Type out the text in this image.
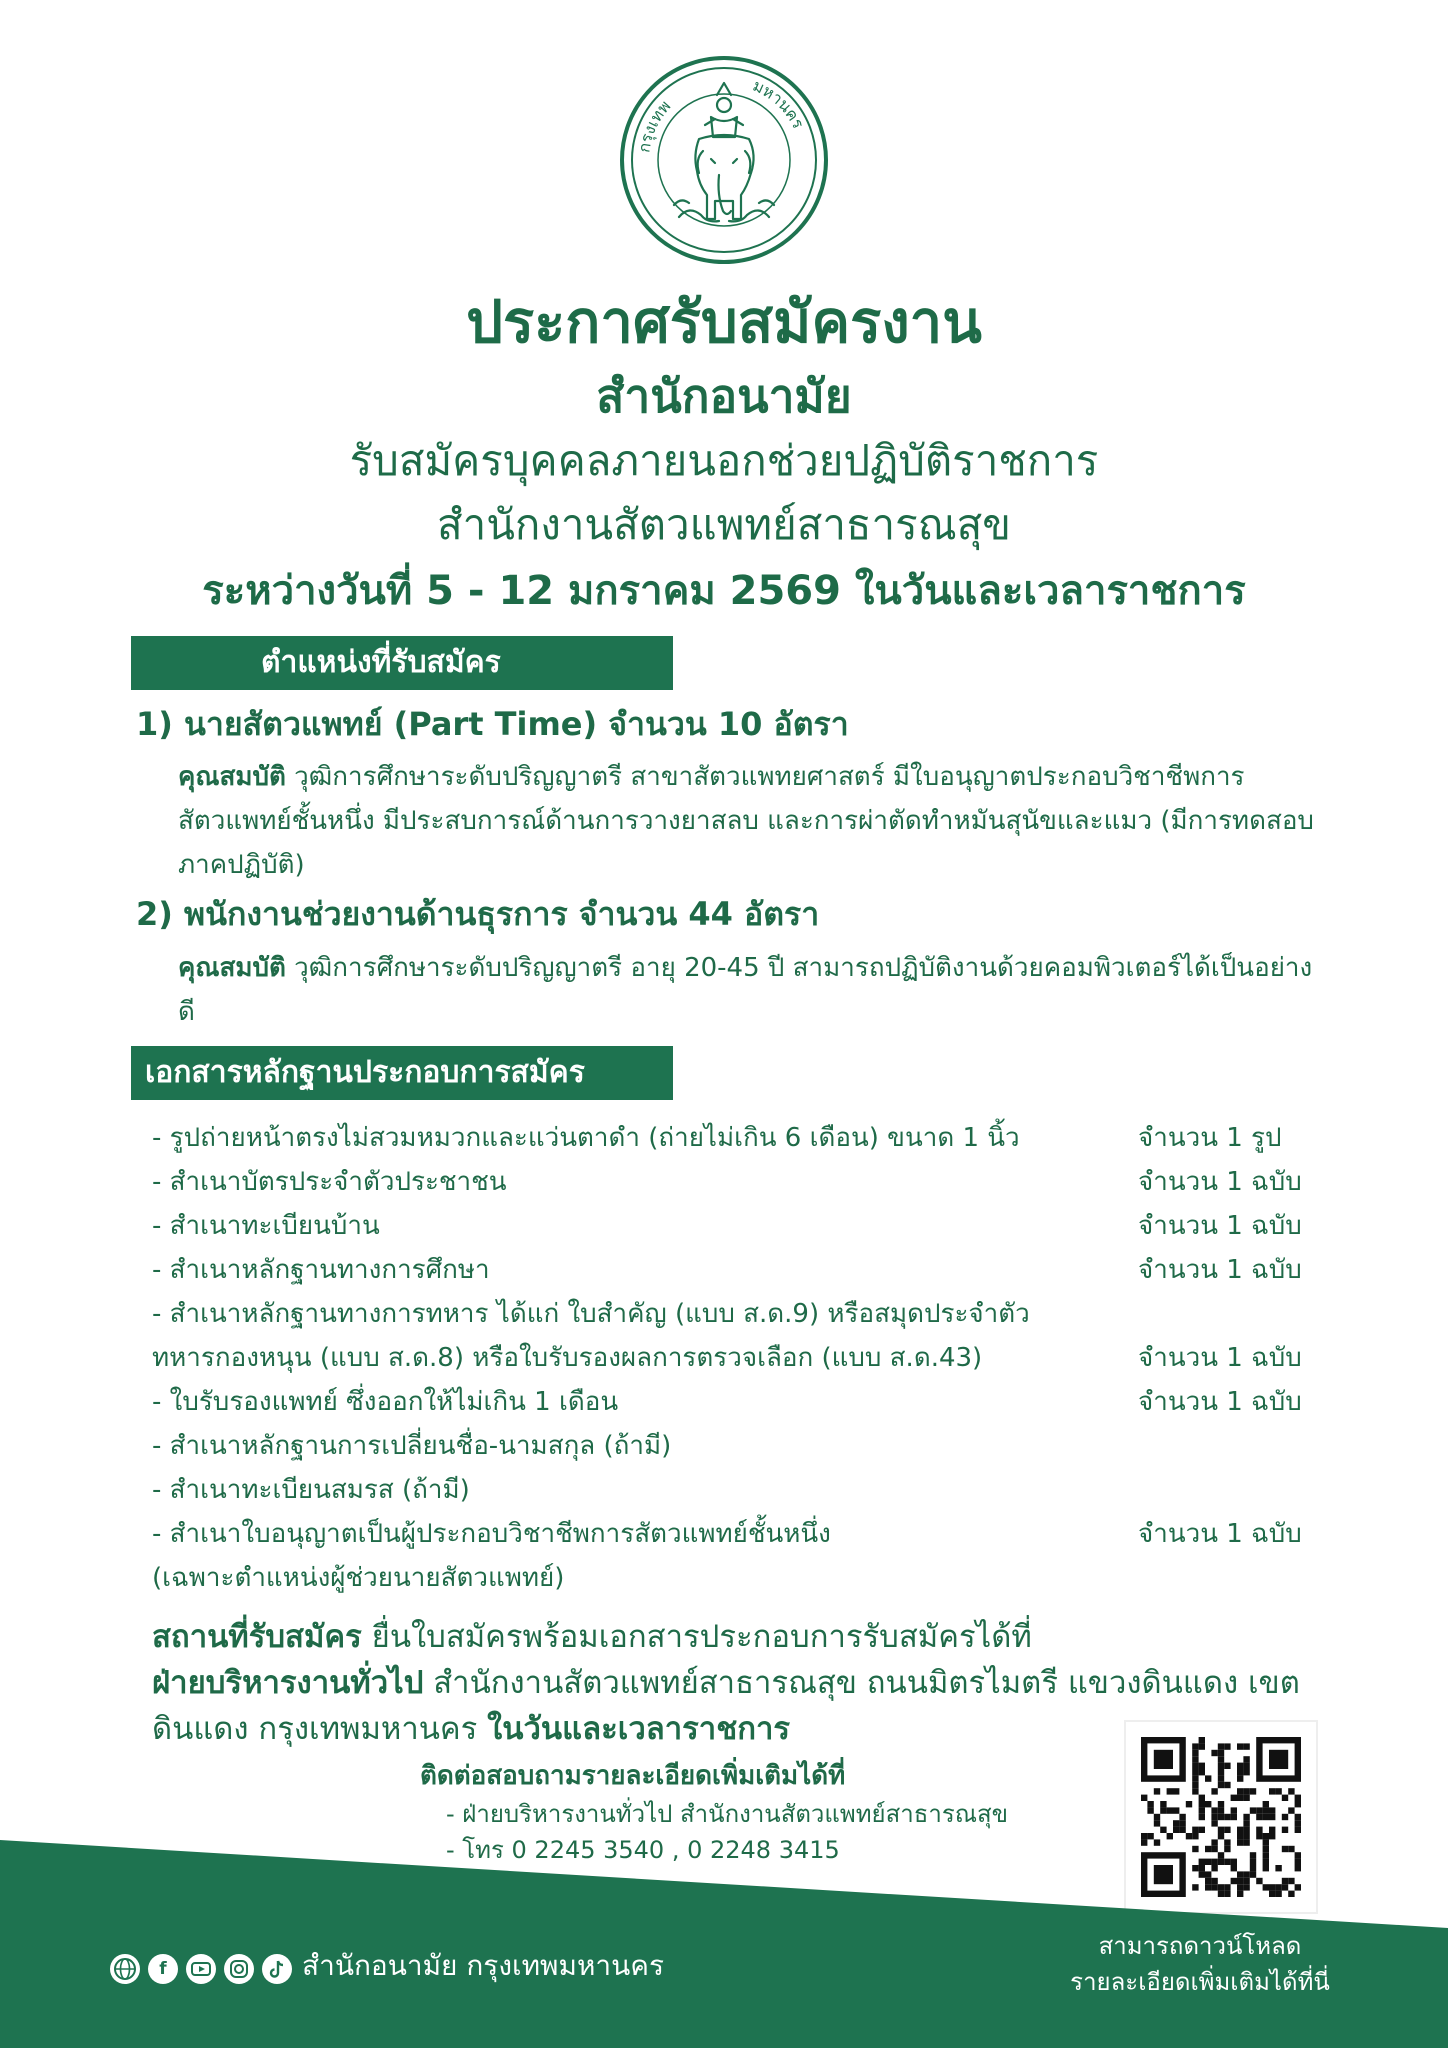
กรุงเทพ
มหานคร
ประกาศรับสมัครงาน
สำนักอนามัย
รับสมัครบุคคลภายนอกช่วยปฏิบัติราชการ
สำนักงานสัตวแพทย์สาธารณสุข
ระหว่างวันที่ 5 - 12 มกราคม 2569 ในวันและเวลาราชการ
ตำแหน่งที่รับสมัคร
1) นายสัตวแพทย์ (Part Time) จำนวน 10 อัตรา
คุณสมบัติ วุฒิการศึกษาระดับปริญญาตรี สาขาสัตวแพทยศาสตร์ มีใบอนุญาตประกอบวิชาชีพการสัตวแพทย์ชั้นหนึ่ง มีประสบการณ์ด้านการวางยาสลบ และการผ่าตัดทำหมันสุนัขและแมว (มีการทดสอบภาคปฏิบัติ)
2) พนักงานช่วยงานด้านธุรการ จำนวน 44 อัตรา
คุณสมบัติ วุฒิการศึกษาระดับปริญญาตรี อายุ 20-45 ปี สามารถปฏิบัติงานด้วยคอมพิวเตอร์ได้เป็นอย่างดี
เอกสารหลักฐานประกอบการสมัคร
- รูปถ่ายหน้าตรงไม่สวมหมวกและแว่นตาดำ (ถ่ายไม่เกิน 6 เดือน) ขนาด 1 นิ้ว	จำนวน 1 รูป
- สำเนาบัตรประจำตัวประชาชน	จำนวน 1 ฉบับ
- สำเนาทะเบียนบ้าน	จำนวน 1 ฉบับ
- สำเนาหลักฐานทางการศึกษา	จำนวน 1 ฉบับ
- สำเนาหลักฐานทางการทหาร ได้แก่ ใบสำคัญ (แบบ ส.ด.9) หรือสมุดประจำตัว
ทหารกองหนุน (แบบ ส.ด.8) หรือใบรับรองผลการตรวจเลือก (แบบ ส.ด.43)	จำนวน 1 ฉบับ
- ใบรับรองแพทย์ ซึ่งออกให้ไม่เกิน 1 เดือน	จำนวน 1 ฉบับ
- สำเนาหลักฐานการเปลี่ยนชื่อ-นามสกุล (ถ้ามี)
- สำเนาทะเบียนสมรส (ถ้ามี)
- สำเนาใบอนุญาตเป็นผู้ประกอบวิชาชีพการสัตวแพทย์ชั้นหนึ่ง	จำนวน 1 ฉบับ
(เฉพาะตำแหน่งผู้ช่วยนายสัตวแพทย์)
สถานที่รับสมัคร ยื่นใบสมัครพร้อมเอกสารประกอบการรับสมัครได้ที่
ฝ่ายบริหารงานทั่วไป สำนักงานสัตวแพทย์สาธารณสุข ถนนมิตรไมตรี แขวงดินแดง เขตดินแดง กรุงเทพมหานคร ในวันและเวลาราชการ
ติดต่อสอบถามรายละเอียดเพิ่มเติมได้ที่
- ฝ่ายบริหารงานทั่วไป สำนักงานสัตวแพทย์สาธารณสุข
- โทร 0 2245 3540 , 0 2248 3415
f	สำนักอนามัย กรุงเทพมหานคร
สามารถดาวน์โหลด
รายละเอียดเพิ่มเติมได้ที่นี่
